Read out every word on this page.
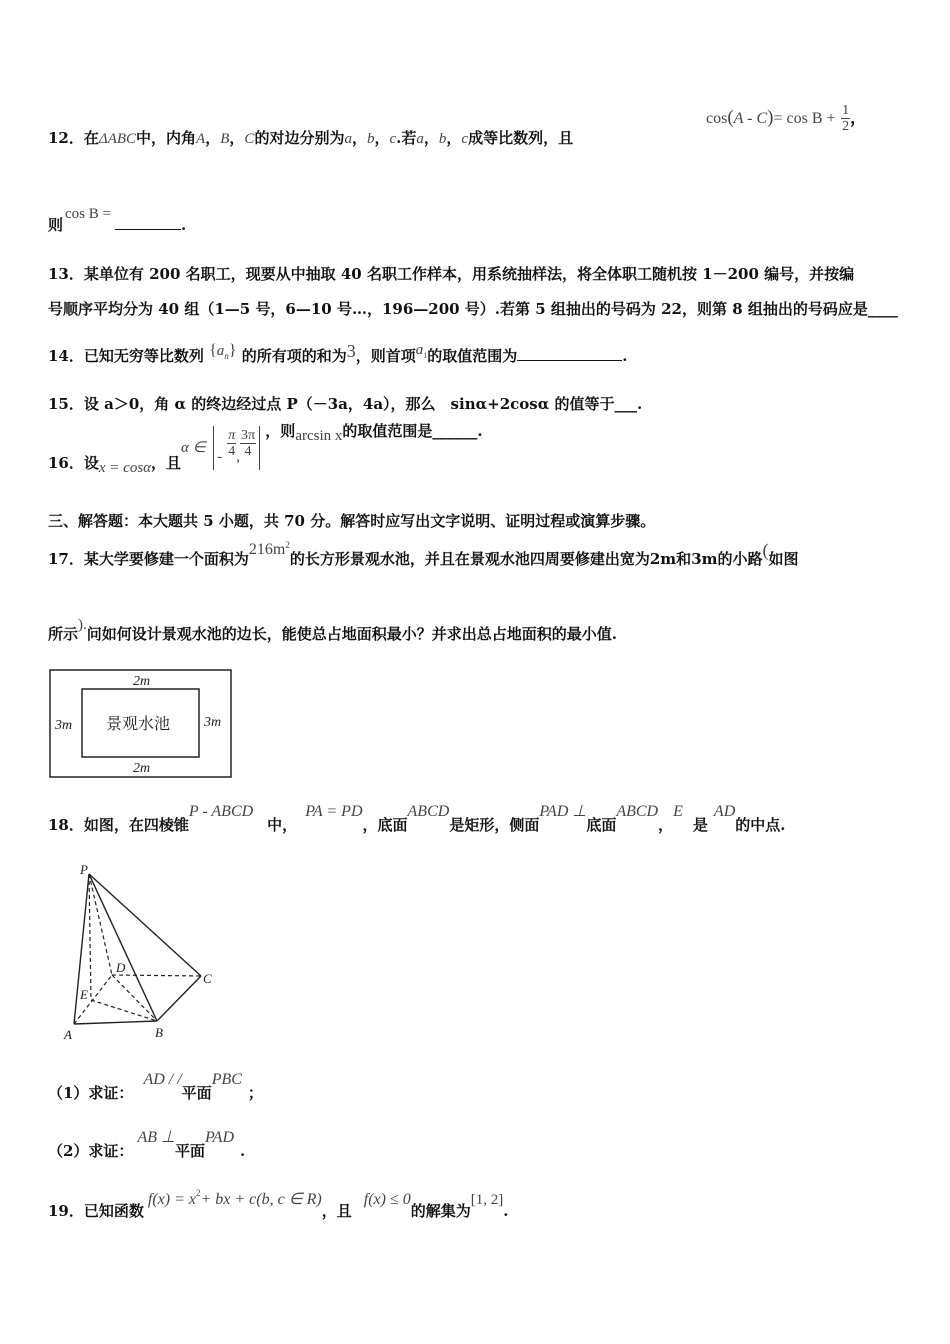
12．在ΔABC中，内角A，B，C的对边分别为a，b，c.若a，b，c成等比数列，且
$\cos(A - C)= \cos B + \frac{1}{2}$ ，
则cos B =.
13．某单位有 200 名职工，现要从中抽取 40 名职工作样本，用系统抽样法，将全体职工随机按 1－200 编号，并按编
号顺序平均分为 40 组（1—5 号，6—10 号…，196—200 号）.若第 5 组抽出的号码为 22，则第 8 组抽出的号码应是____
14．已知无穷等比数列 $\{a_n\}$ 的所有项的和为3，则首项$a_1$的取值范围为	.
15．设 a＞0，角 α 的终边经过点 P（－3a，4a），那么　sinα+2cosα 的值等于___.
16．设x = cosα，且α ∈ - $\frac{\pi}{4}$ , $\frac{3\pi}{4}$ ，则arcsin x的取值范围是______.
三、解答题：本大题共 5 小题，共 70 分。解答时应写出文字说明、证明过程或演算步骤。
17．某大学要修建一个面积为$216m^2$的长方形景观水池，并且在景观水池四周要修建出宽为2m和3m的小路(如图
所示).问如何设计景观水池的边长，能使总占地面积最小？并求出总占地面积的最小值.
2m
2m
3m	3m
景观水池
18．如图，在四棱锥P - ABCD中，PA = PD，底面ABCD是矩形，侧面PAD ⊥底面ABCD，E是AD的中点.
P
A	B
C
D
E
（1）求证：AD / /平面PBC；
（2）求证：AB ⊥平面PAD.
19．已知函数$f(x) = x^2+$ bx + c(b, c ∈ R)，且f(x) ≤ 0的解集为[1, 2].
